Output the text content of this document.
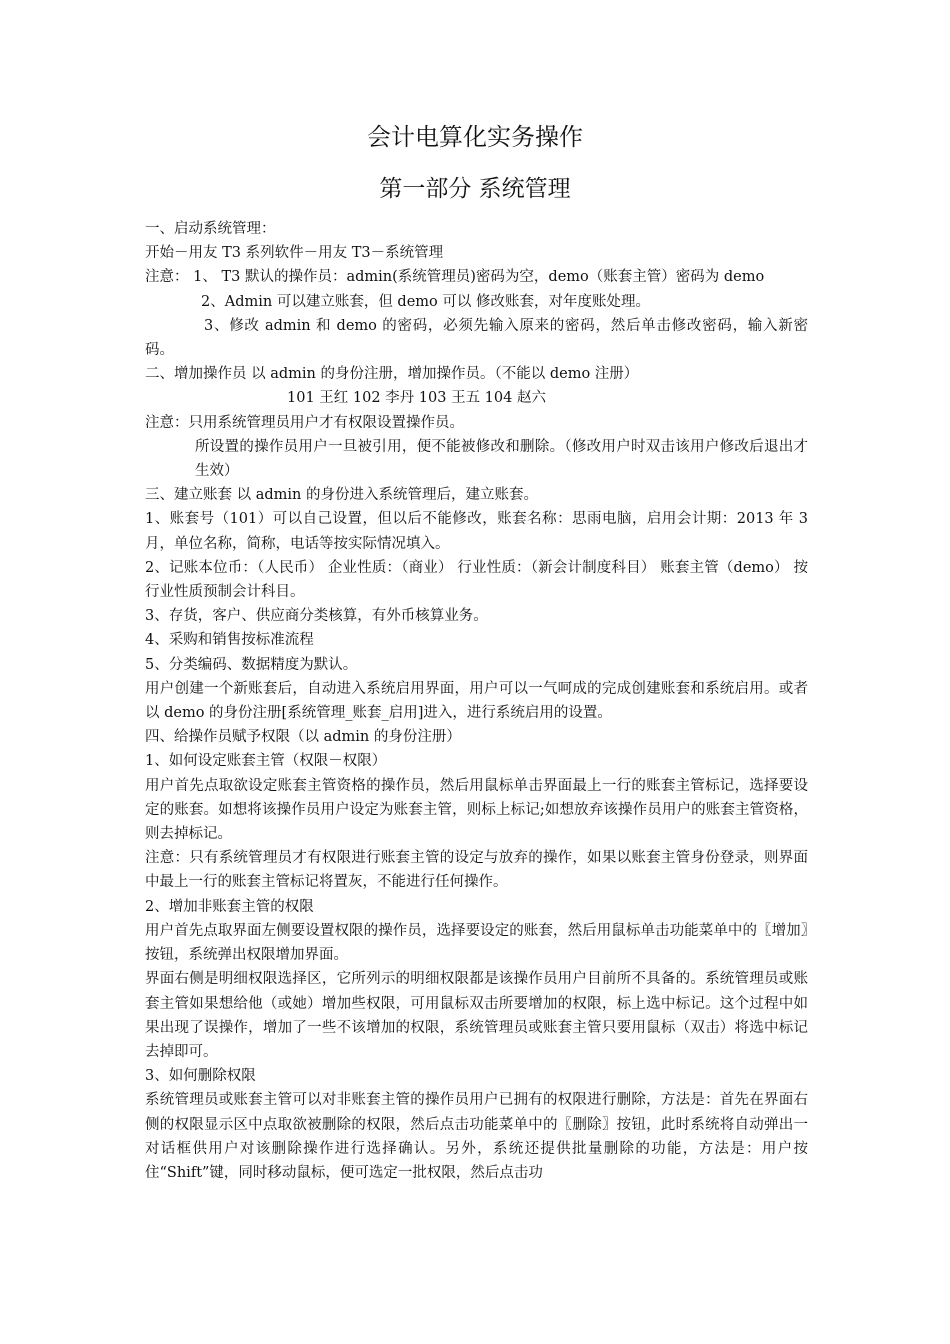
会计电算化实务操作
第一部分 系统管理

一、启动系统管理：

开始－用友 T3 系列软件－用友 T3－系统管理

注意： 1、 T3 默认的操作员：admin(系统管理员)密码为空，demo（账套主管）密码为 demo

2、Admin 可以建立账套，但 demo 可以 修改账套，对年度账处理。

3、修改 admin 和 demo 的密码，必须先输入原来的密码，然后单击修改密码，输入新密码。

二、增加操作员 以 admin 的身份注册，增加操作员。（不能以 demo 注册）

101 王红 102 李丹 103 王五 104 赵六

注意：只用系统管理员用户才有权限设置操作员。

所设置的操作员用户一旦被引用，便不能被修改和删除。（修改用户时双击该用户修改后退出才生效）

三、建立账套 以 admin 的身份进入系统管理后，建立账套。

1、账套号（101）可以自己设置，但以后不能修改，账套名称：思雨电脑，启用会计期：2013 年 3 月，单位名称，简称，电话等按实际情况填入。

2、记账本位币：（人民币） 企业性质：（商业） 行业性质：（新会计制度科目） 账套主管（demo） 按行业性质预制会计科目。

3、存货，客户、供应商分类核算，有外币核算业务。

4、采购和销售按标准流程

5、分类编码、数据精度为默认。

用户创建一个新账套后，自动进入系统启用界面，用户可以一气呵成的完成创建账套和系统启用。或者以 demo 的身份注册[系统管理_账套_启用]进入，进行系统启用的设置。

四、给操作员赋予权限（以 admin 的身份注册）

1、如何设定账套主管（权限－权限）

用户首先点取欲设定账套主管资格的操作员，然后用鼠标单击界面最上一行的账套主管标记，选择要设定的账套。如想将该操作员用户设定为账套主管，则标上标记;如想放弃该操作员用户的账套主管资格，则去掉标记。

注意：只有系统管理员才有权限进行账套主管的设定与放弃的操作，如果以账套主管身份登录，则界面中最上一行的账套主管标记将置灰，不能进行任何操作。

2、增加非账套主管的权限

用户首先点取界面左侧要设置权限的操作员，选择要设定的账套，然后用鼠标单击功能菜单中的〖增加〗按钮，系统弹出权限增加界面。

界面右侧是明细权限选择区，它所列示的明细权限都是该操作员用户目前所不具备的。系统管理员或账套主管如果想给他（或她）增加些权限，可用鼠标双击所要增加的权限，标上选中标记。这个过程中如果出现了误操作，增加了一些不该增加的权限，系统管理员或账套主管只要用鼠标（双击）将选中标记去掉即可。

3、如何删除权限

系统管理员或账套主管可以对非账套主管的操作员用户已拥有的权限进行删除，方法是：首先在界面右侧的权限显示区中点取欲被删除的权限，然后点击功能菜单中的〖删除〗按钮，此时系统将自动弹出一对话框供用户对该删除操作进行选择确认。另外，系统还提供批量删除的功能，方法是：用户按住“Shift”键，同时移动鼠标，便可选定一批权限，然后点击功
